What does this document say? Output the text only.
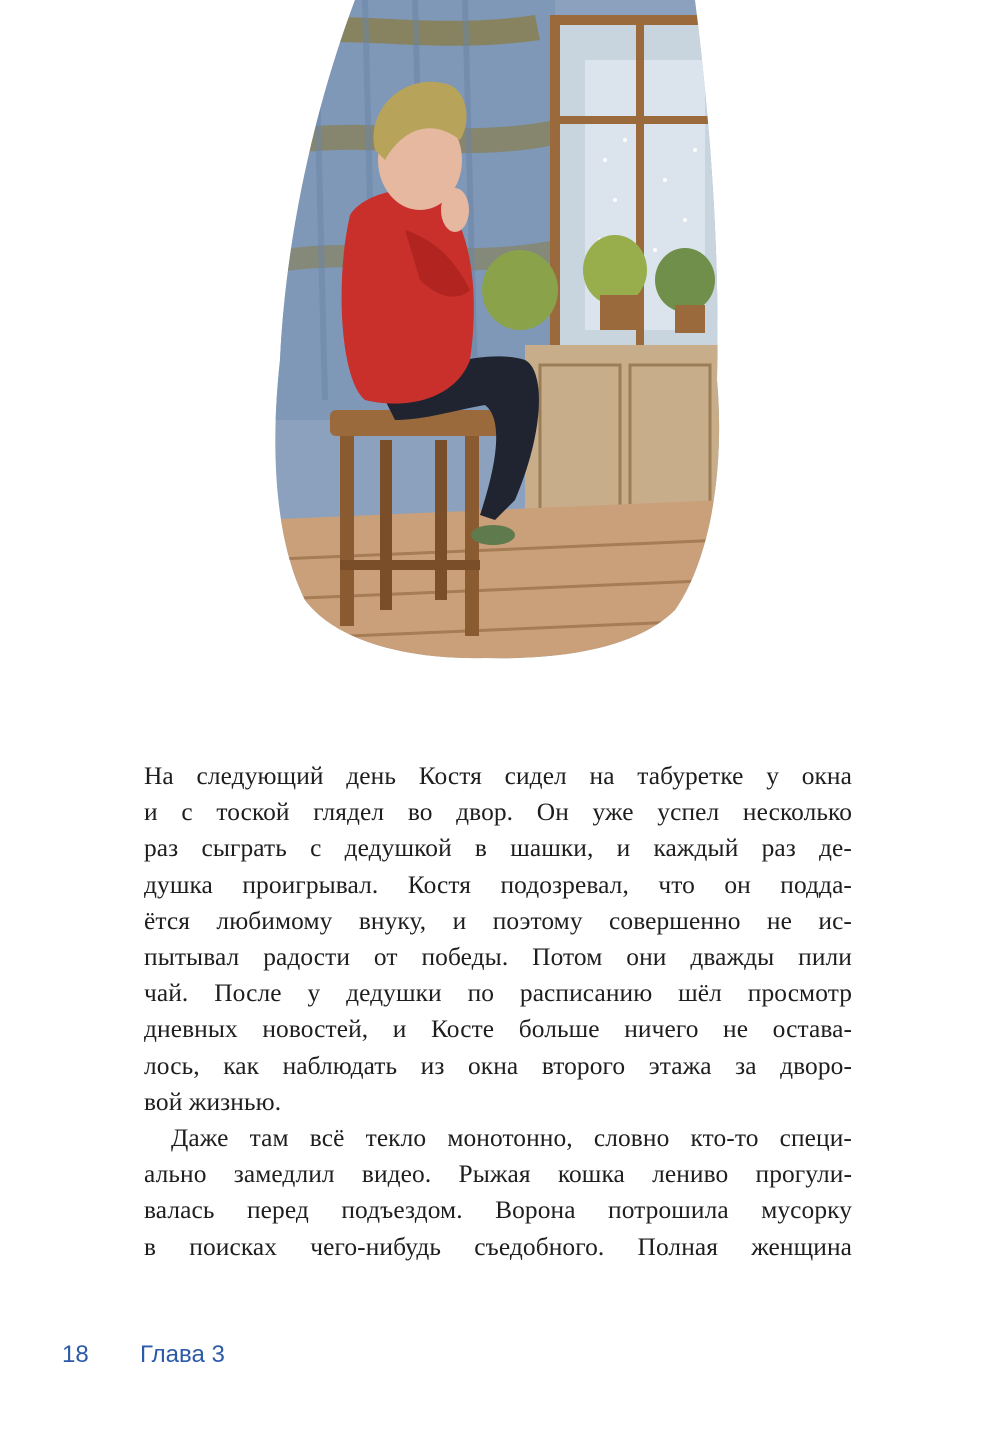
На следующий день Костя сидел на табуретке у окна
и с тоской глядел во двор. Он уже успел несколько
раз сыграть с дедушкой в шашки, и каждый раз де-
душка проигрывал. Костя подозревал, что он подда-
ётся любимому внуку, и поэтому совершенно не ис-
пытывал радости от победы. Потом они дважды пили
чай. После у дедушки по расписанию шёл просмотр
дневных новостей, и Косте больше ничего не остава-
лось, как наблюдать из окна второго этажа за дворо-
вой жизнью.

Даже там всё текло монотонно, словно кто-то специ-
ально замедлил видео. Рыжая кошка лениво прогули-
валась перед подъездом. Ворона потрошила мусорку
в поисках чего-нибудь съедобного. Полная женщина

18 Глава 3
